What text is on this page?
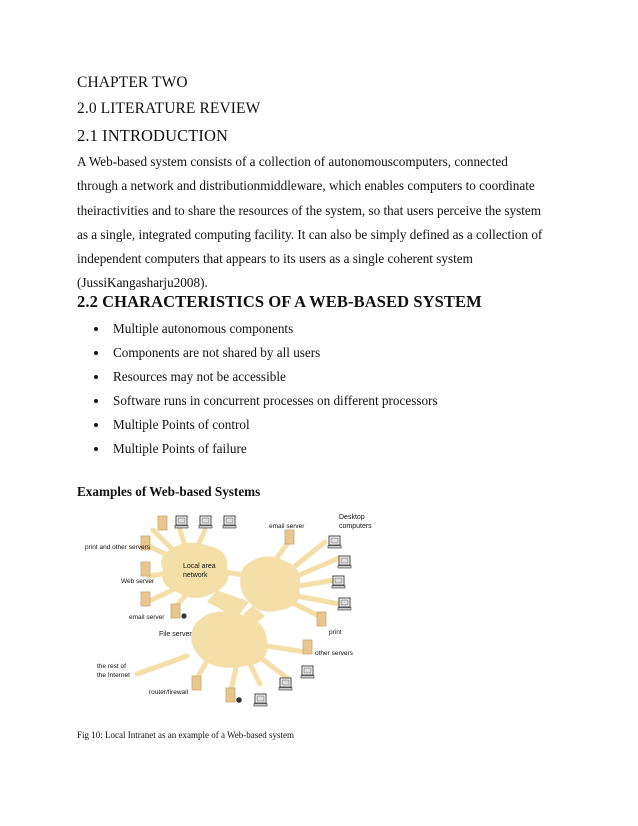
CHAPTER TWO
2.0 LITERATURE REVIEW
2.1 INTRODUCTION
A Web-based system consists of a collection of autonomouscomputers, connected
through a network and distributionmiddleware, which enables computers to coordinate
theiractivities and to share the resources of the system, so that users perceive the system
as a single, integrated computing facility. It can also be simply defined as a collection of
independent computers that appears to its users as a single coherent system
(JussiKangasharju2008).
2.2 CHARACTERISTICS OF A WEB-BASED SYSTEM
Multiple autonomous components
Components are not shared by all users
Resources may not be accessible
Software runs in concurrent processes on different processors
Multiple Points of control
Multiple Points of failure
Examples of Web-based Systems
Local area
network
print and other servers
Web server
email server
File server
email server
Desktop
computers
print
other servers
the rest of
the Internet
router/firewall
Fig 10: Local Intranet as an example of a Web-based system
